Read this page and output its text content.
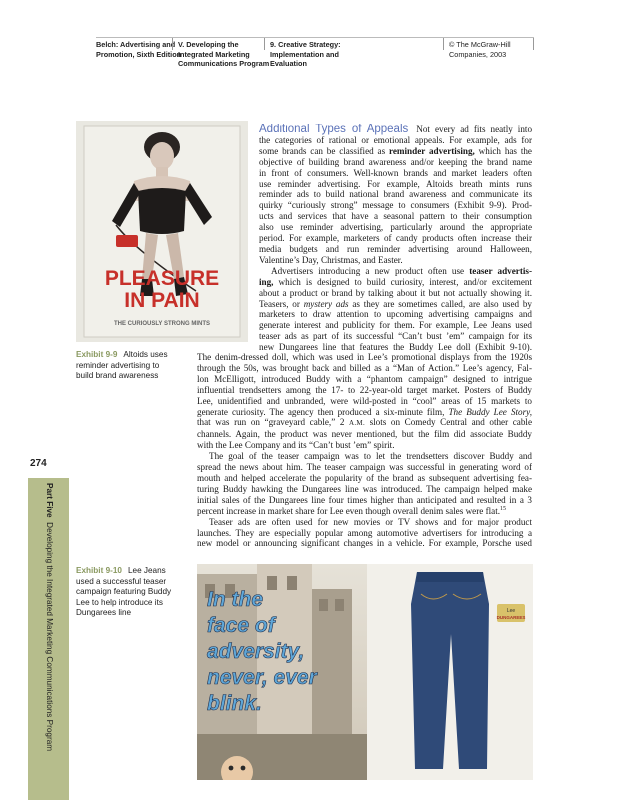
Belch: Advertising and
Promotion, Sixth Edition
V. Developing the
Integrated Marketing
Communications Program
9. Creative Strategy:
Implementation and
Evaluation
© The McGraw-Hill
Companies, 2003
274
Part Five  Developing the Integrated Marketing Communications Program
PLEASURE
IN PAIN
THE CURIOUSLY STRONG MINTS
Exhibit 9-9 Altoids uses
reminder advertising to
build brand awareness
Additional Types of Appeals Not every ad fits neatly into
the categories of rational or emotional appeals. For example, ads for
some brands can be classified as reminder advertising, which has the
objective of building brand awareness and/or keeping the brand name
in front of consumers. Well-known brands and market leaders often
use reminder advertising. For example, Altoids breath mints runs
reminder ads to build national brand awareness and communicate its
quirky “curiously strong” message to consumers (Exhibit 9-9). Prod-
ucts and services that have a seasonal pattern to their consumption
also use reminder advertising, particularly around the appropriate
period. For example, marketers of candy products often increase their
media budgets and run reminder advertising around Halloween,
Valentine’s Day, Christmas, and Easter.
Advertisers introducing a new product often use teaser advertis-
ing, which is designed to build curiosity, interest, and/or excitement
about a product or brand by talking about it but not actually showing it.
Teasers, or mystery ads as they are sometimes called, are also used by
marketers to draw attention to upcoming advertising campaigns and
generate interest and publicity for them. For example, Lee Jeans used
teaser ads as part of its successful “Can’t bust ’em” campaign for its
new Dungarees line that features the Buddy Lee doll (Exhibit 9-10).
The denim-dressed doll, which was used in Lee’s promotional displays from the 1920s
through the 50s, was brought back and billed as a “Man of Action.” Lee’s agency, Fal-
lon McElligott, introduced Buddy with a “phantom campaign” designed to intrigue
influential trendsetters among the 17- to 22-year-old target market. Posters of Buddy
Lee, unidentified and unbranded, were wild-posted in “cool” areas of 15 markets to
generate curiosity. The agency then produced a six-minute film, The Buddy Lee Story,
that was run on “graveyard cable,” 2 A.M. slots on Comedy Central and other cable
channels. Again, the product was never mentioned, but the film did associate Buddy
with the Lee Company and its “Can’t bust ’em” spirit.
The goal of the teaser campaign was to let the trendsetters discover Buddy and
spread the news about him. The teaser campaign was successful in generating word of
mouth and helped accelerate the popularity of the brand as subsequent advertising fea-
turing Buddy hawking the Dungarees line was introduced. The campaign helped make
initial sales of the Dungarees line four times higher than anticipated and resulted in a 3
percent increase in market share for Lee even though overall denim sales were flat.$^{15}$
Teaser ads are often used for new movies or TV shows and for major product
launches. They are especially popular among automotive advertisers for introducing a
new model or announcing significant changes in a vehicle. For example, Porsche used
Exhibit 9-10 Lee Jeans
used a successful teaser
campaign featuring Buddy
Lee to help introduce its
Dungarees line	Lee
DUNGAREES
In the
face of
adversity,
never, ever
blink.
